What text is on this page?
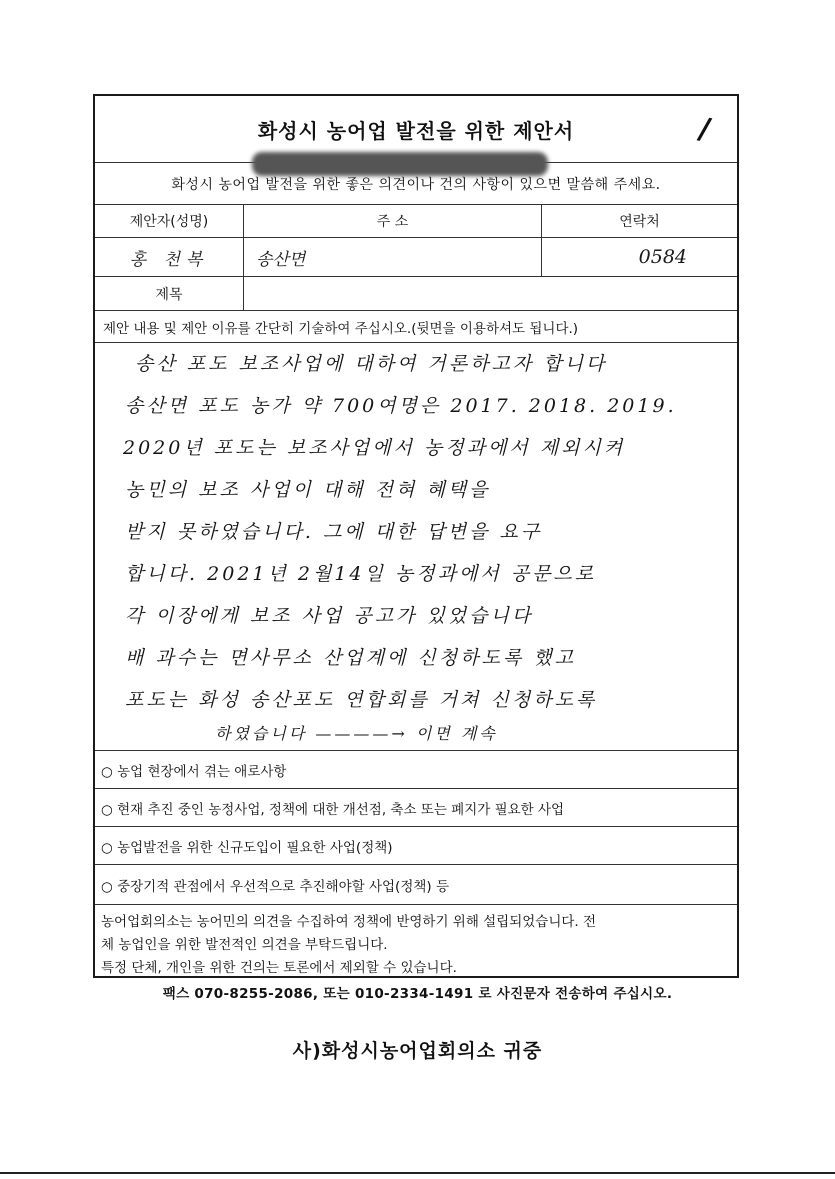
화성시 농어업 발전을 위한 제안서	/
화성시 농어업 발전을 위한 좋은 의견이나 건의 사항이 있으면 말씀해 주세요.
제안자(성명)	주 소	연락처
홍 천복	송산면	0584
제목
제안 내용 및 제안 이유를 간단히 기술하여 주십시오.(뒷면을 이용하셔도 됩니다.)
송산 포도 보조사업에 대하여 거론하고자 합니다
송산면 포도 농가 약 700여명은 2017. 2018. 2019.
2020년 포도는 보조사업에서 농정과에서 제외시켜
농민의 보조 사업이 대해 전혀 혜택을
받지 못하였습니다. 그에 대한 답변을 요구
합니다. 2021년 2월14일 농정과에서 공문으로
각 이장에게 보조 사업 공고가 있었습니다
배 과수는 면사무소 산업계에 신청하도록 했고
포도는 화성 송산포도 연합회를 거쳐 신청하도록
하였습니다 ————→ 이면 계속
○ 농업 현장에서 겪는 애로사항
○ 현재 추진 중인 농정사업, 정책에 대한 개선점, 축소 또는 폐지가 필요한 사업
○ 농업발전을 위한 신규도입이 필요한 사업(정책)
○ 중장기적 관점에서 우선적으로 추진해야할 사업(정책) 등
농어업회의소는 농어민의 의견을 수집하여 정책에 반영하기 위해 설립되었습니다. 전
체 농업인을 위한 발전적인 의견을 부탁드립니다.
특정 단체, 개인을 위한 건의는 토론에서 제외할 수 있습니다.
팩스 070-8255-2086, 또는 010-2334-1491 로 사진문자 전송하여 주십시오.
사)화성시농어업회의소 귀중
